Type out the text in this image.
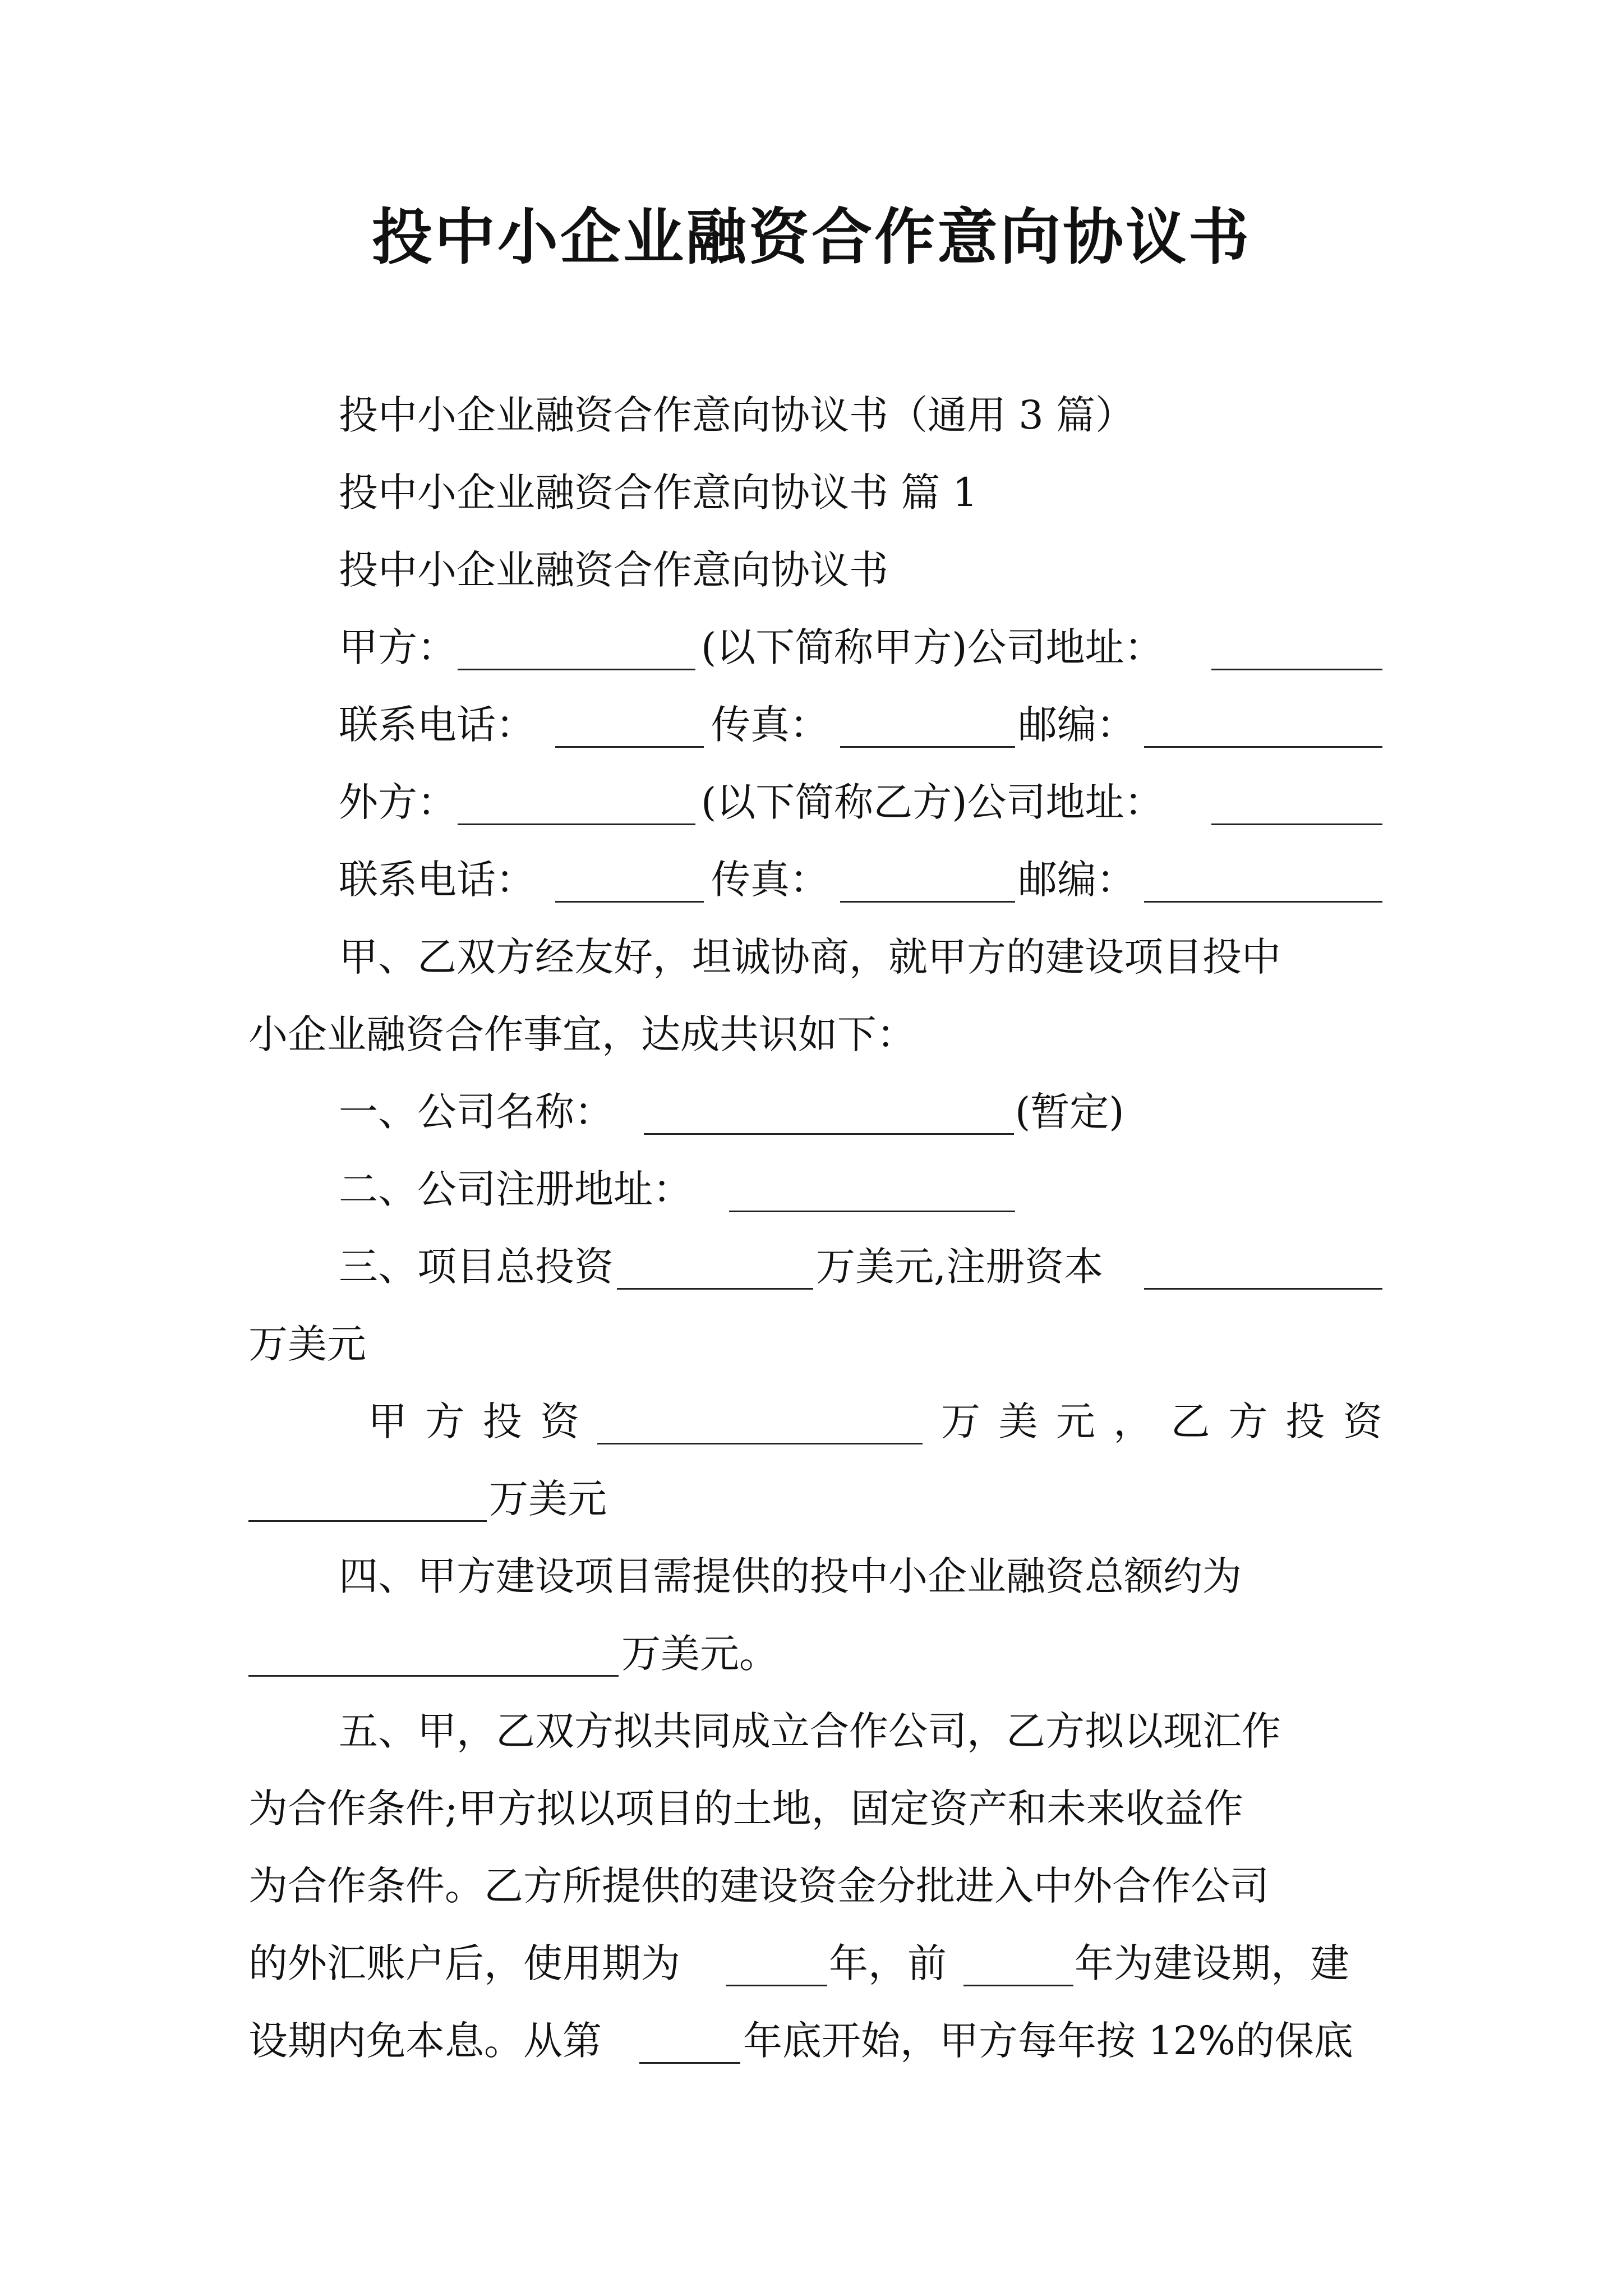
投中小企业融资合作意向协议书
投中小企业融资合作意向协议书（通用 3 篇）
投中小企业融资合作意向协议书 篇 1
投中小企业融资合作意向协议书
甲方：	(以下简称甲方)公司地址：
联系电话：	传真：	邮编：
外方：	(以下简称乙方)公司地址：
联系电话：	传真：	邮编：
甲、乙双方经友好，坦诚协商，就甲方的建设项目投中
小企业融资合作事宜，达成共识如下：
一、公司名称：	(暂定)
二、公司注册地址：
三、项目总投资	万美元,注册资本
万美元
甲 方 投 资	万 美 元 ， 乙 方 投 资
万美元
四、甲方建设项目需提供的投中小企业融资总额约为
万美元。
五、甲，乙双方拟共同成立合作公司，乙方拟以现汇作
为合作条件;甲方拟以项目的土地，固定资产和未来收益作
为合作条件。乙方所提供的建设资金分批进入中外合作公司
的外汇账户后，使用期为	年，前	年为建设期，建
设期内免本息。从第	年底开始，甲方每年按 12%的保底
